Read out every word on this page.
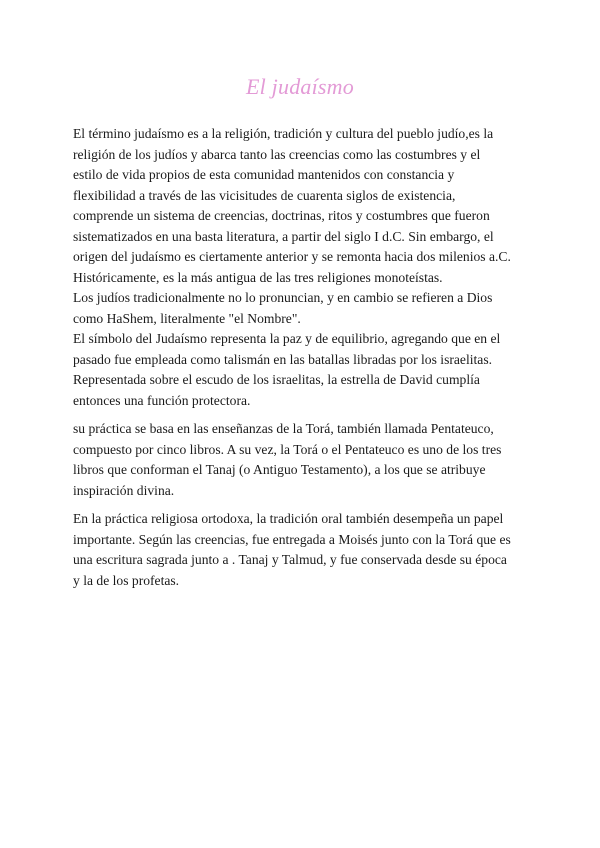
El judaísmo

El término judaísmo es a la religión, tradición y cultura del pueblo judío,es la
religión de los judíos y abarca tanto las creencias como las costumbres y el
estilo de vida propios de esta comunidad mantenidos con constancia y
flexibilidad a través de las vicisitudes de cuarenta siglos de existencia,
comprende un sistema de creencias, doctrinas, ritos y costumbres que fueron
sistematizados en una basta literatura, a partir del siglo I d.C. Sin embargo, el
origen del judaísmo es ciertamente anterior y se remonta hacia dos milenios a.C.
Históricamente, es la más antigua de las tres religiones monoteístas.
Los judíos tradicionalmente no lo pronuncian, y en cambio se refieren a Dios
como HaShem, literalmente "el Nombre".
El símbolo del Judaísmo representa la paz y de equilibrio, agregando que en el
pasado fue empleada como talismán en las batallas libradas por los israelitas.
Representada sobre el escudo de los israelitas, la estrella de David cumplía
entonces una función protectora.

su práctica se basa en las enseñanzas de la Torá, también llamada Pentateuco,
compuesto por cinco libros. A su vez, la Torá o el Pentateuco es uno de los tres
libros que conforman el Tanaj (o Antiguo Testamento), a los que se atribuye
inspiración divina.

En la práctica religiosa ortodoxa, la tradición oral también desempeña un papel
importante. Según las creencias, fue entregada a Moisés junto con la Torá que es
una escritura sagrada junto a . Tanaj y Talmud, y fue conservada desde su época
y la de los profetas.
